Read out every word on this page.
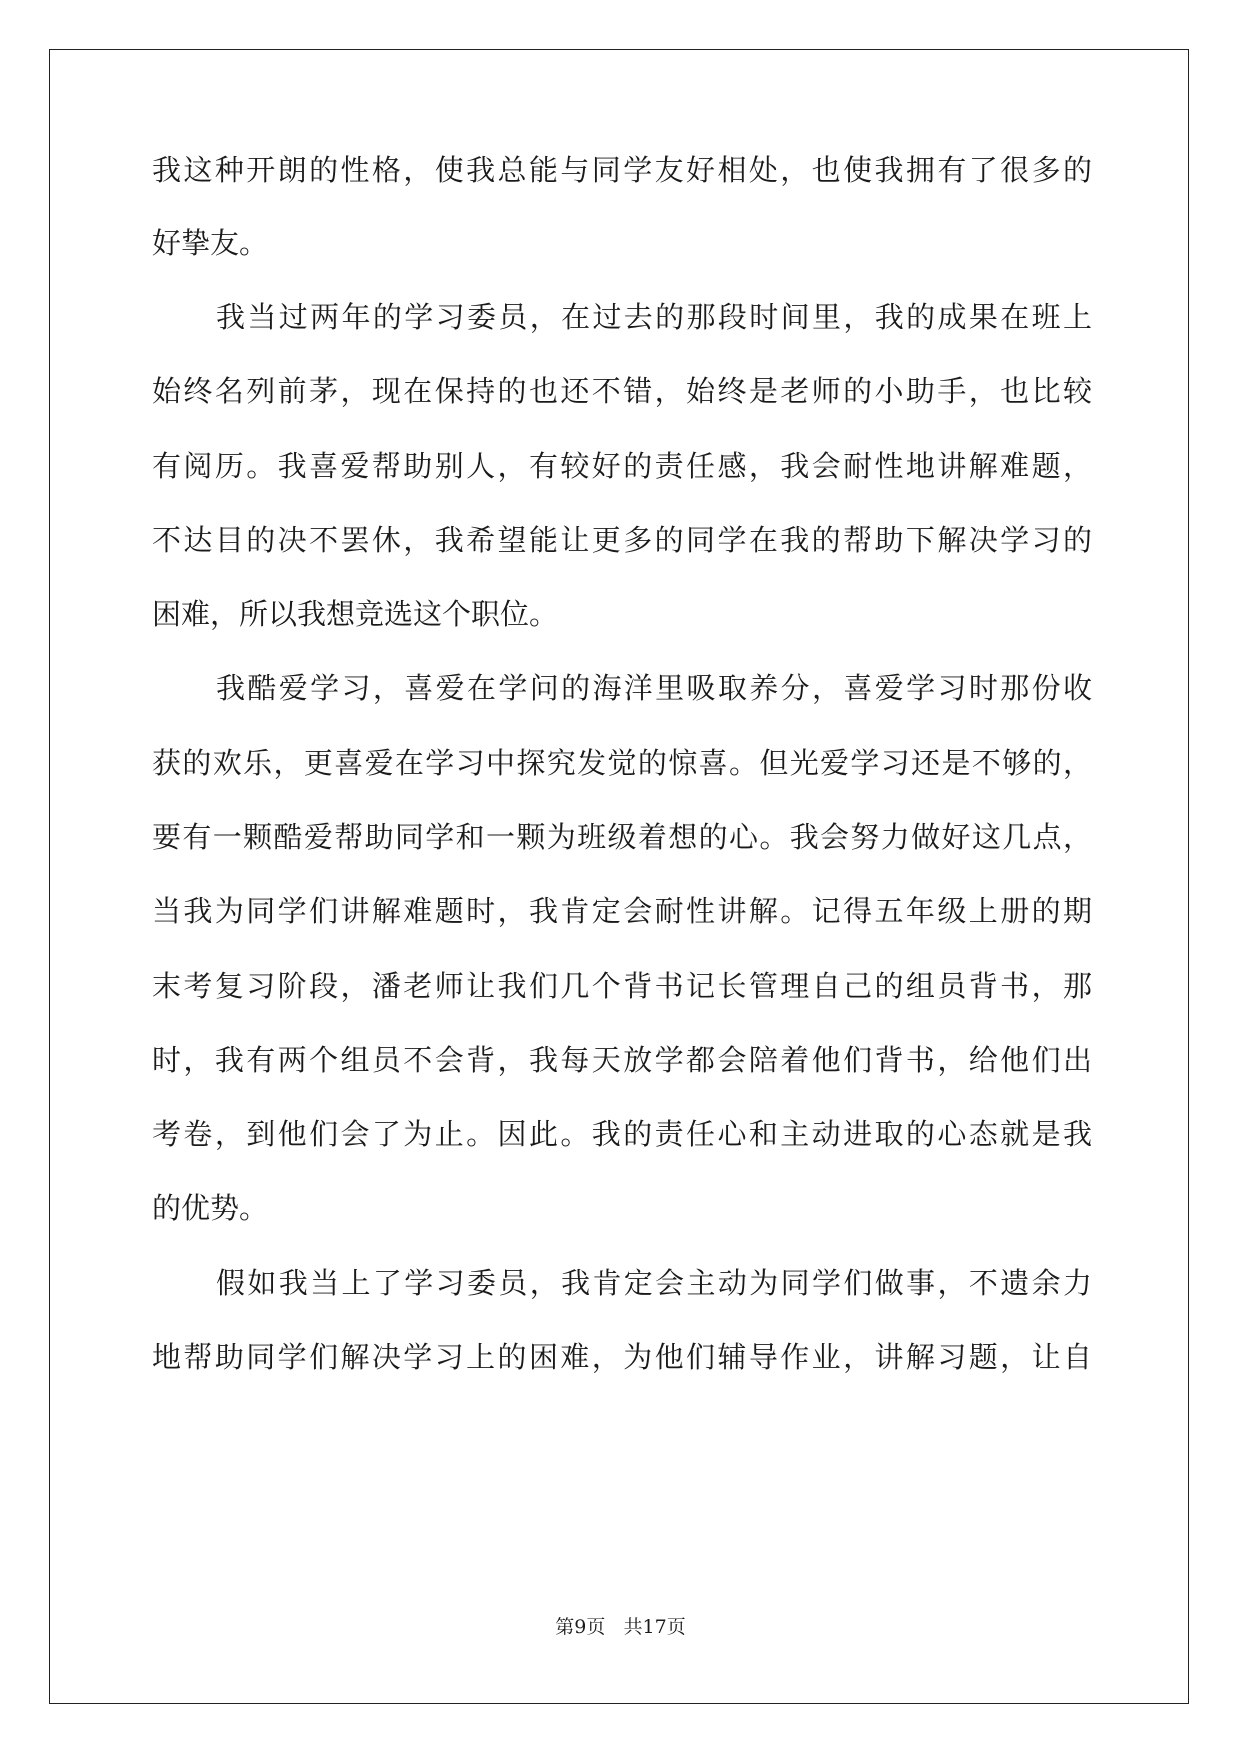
我这种开朗的性格，使我总能与同学友好相处，也使我拥有了很多的
好挚友。
我当过两年的学习委员，在过去的那段时间里，我的成果在班上
始终名列前茅，现在保持的也还不错，始终是老师的小助手，也比较
有阅历。我喜爱帮助别人，有较好的责任感，我会耐性地讲解难题，
不达目的决不罢休，我希望能让更多的同学在我的帮助下解决学习的
困难，所以我想竞选这个职位。
我酷爱学习，喜爱在学问的海洋里吸取养分，喜爱学习时那份收
获的欢乐，更喜爱在学习中探究发觉的惊喜。但光爱学习还是不够的，
要有一颗酷爱帮助同学和一颗为班级着想的心。我会努力做好这几点，
当我为同学们讲解难题时，我肯定会耐性讲解。记得五年级上册的期
末考复习阶段，潘老师让我们几个背书记长管理自己的组员背书，那
时，我有两个组员不会背，我每天放学都会陪着他们背书，给他们出
考卷，到他们会了为止。因此。我的责任心和主动进取的心态就是我
的优势。
假如我当上了学习委员，我肯定会主动为同学们做事，不遗余力
地帮助同学们解决学习上的困难，为他们辅导作业，讲解习题，让自
第9页 共17页
